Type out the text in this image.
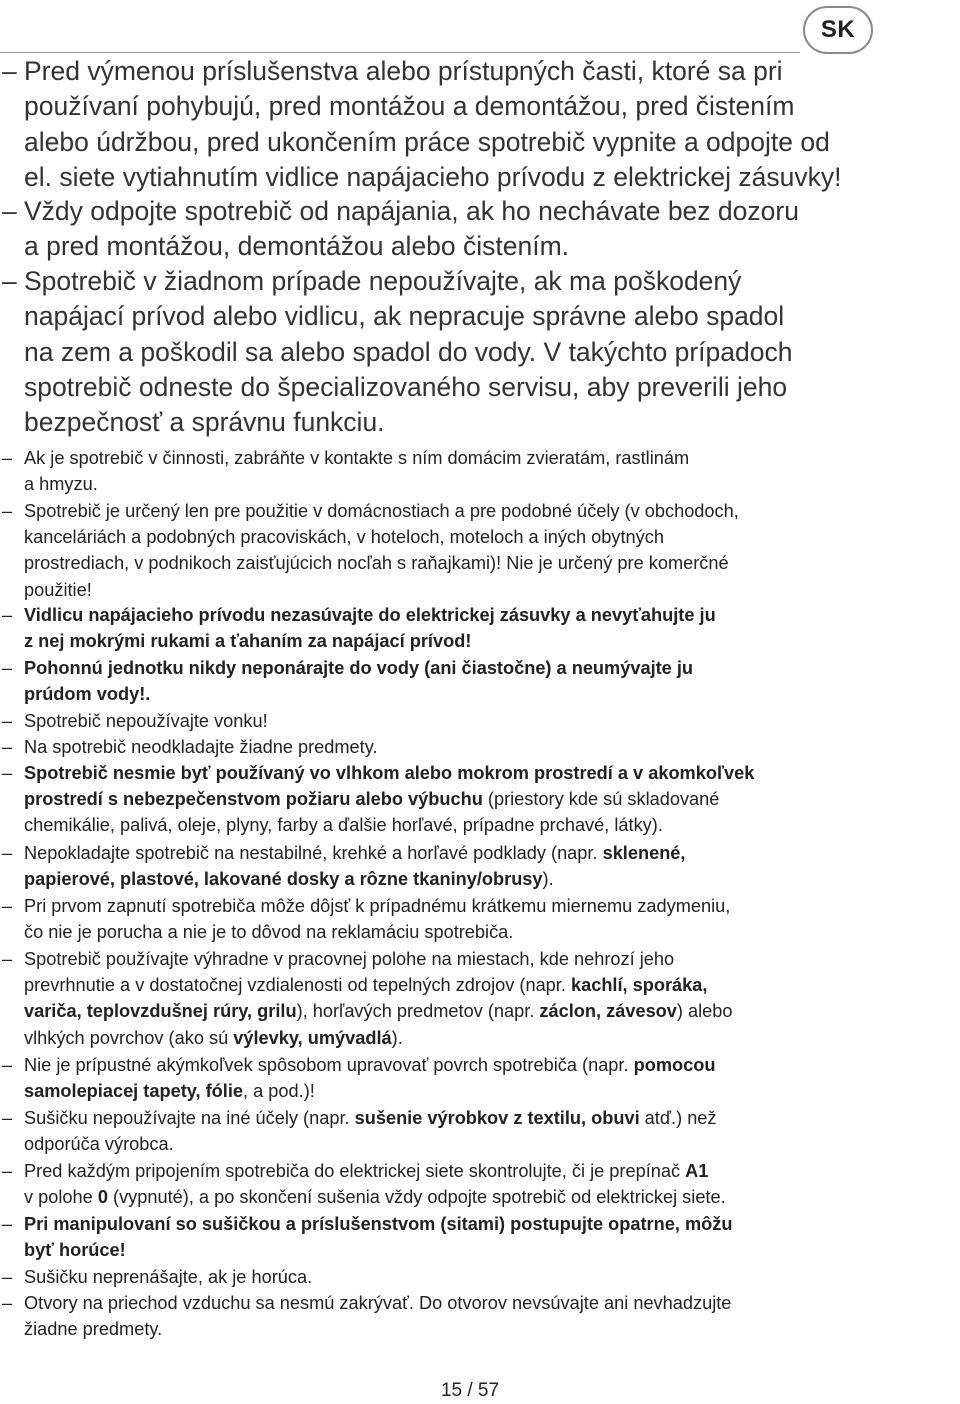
SK
– Pred výmenou príslušenstva alebo prístupných časti, ktoré sa pri
používaní pohybujú, pred montážou a demontážou, pred čistením
alebo údržbou, pred ukončením práce spotrebič vypnite a odpojte od
el. siete vytiahnutím vidlice napájacieho prívodu z elektrickej zásuvky!
– Vždy odpojte spotrebič od napájania, ak ho nechávate bez dozoru
a pred montážou, demontážou alebo čistením.
– Spotrebič v žiadnom prípade nepoužívajte, ak ma poškodený
napájací prívod alebo vidlicu, ak nepracuje správne alebo spadol
na zem a poškodil sa alebo spadol do vody. V takýchto prípadoch
spotrebič odneste do špecializovaného servisu, aby preverili jeho
bezpečnosť a správnu funkciu.
– Ak je spotrebič v činnosti, zabráňte v kontakte s ním domácim zvieratám, rastlinám
a hmyzu.
– Spotrebič je určený len pre použitie v domácnostiach a pre podobné účely (v obchodoch,
kanceláriách a podobných pracoviskách, v hoteloch, moteloch a iných obytných
prostrediach, v podnikoch zaisťujúcich nocľah s raňajkami)! Nie je určený pre komerčné
použitie!
– Vidlicu napájacieho prívodu nezasúvajte do elektrickej zásuvky a nevyťahujte ju
z nej mokrými rukami a ťahaním za napájací prívod!
– Pohonnú jednotku nikdy neponárajte do vody (ani čiastočne) a neumývajte ju
prúdom vody!.
– Spotrebič nepoužívajte vonku!
– Na spotrebič neodkladajte žiadne predmety.
– Spotrebič nesmie byť používaný vo vlhkom alebo mokrom prostredí a v akomkoľvek
prostredí s nebezpečenstvom požiaru alebo výbuchu (priestory kde sú skladované
chemikálie, palivá, oleje, plyny, farby a ďalšie horľavé, prípadne prchavé, látky).
– Nepokladajte spotrebič na nestabilné, krehké a horľavé podklady (napr. sklenené,
papierové, plastové, lakované dosky a rôzne tkaniny/obrusy).
– Pri prvom zapnutí spotrebiča môže dôjsť k prípadnému krátkemu miernemu zadymeniu,
čo nie je porucha a nie je to dôvod na reklamáciu spotrebiča.
– Spotrebič používajte výhradne v pracovnej polohe na miestach, kde nehrozí jeho
prevrhnutie a v dostatočnej vzdialenosti od tepelných zdrojov (napr. kachlí, sporáka,
variča, teplovzdušnej rúry, grilu), horľavých predmetov (napr. záclon, závesov) alebo
vlhkých povrchov (ako sú výlevky, umývadlá).
– Nie je prípustné akýmkoľvek spôsobom upravovať povrch spotrebiča (napr. pomocou
samolepiacej tapety, fólie, a pod.)!
– Sušičku nepoužívajte na iné účely (napr. sušenie výrobkov z textilu, obuvi atď.) než
odporúča výrobca.
– Pred každým pripojením spotrebiča do elektrickej siete skontrolujte, či je prepínač A1
v polohe 0 (vypnuté), a po skončení sušenia vždy odpojte spotrebič od elektrickej siete.
– Pri manipulovaní so sušičkou a príslušenstvom (sitami) postupujte opatrne, môžu
byť horúce!
– Sušičku neprenášajte, ak je horúca.
– Otvory na priechod vzduchu sa nesmú zakrývať. Do otvorov nevsúvajte ani nevhadzujte
žiadne predmety.
15 / 57
